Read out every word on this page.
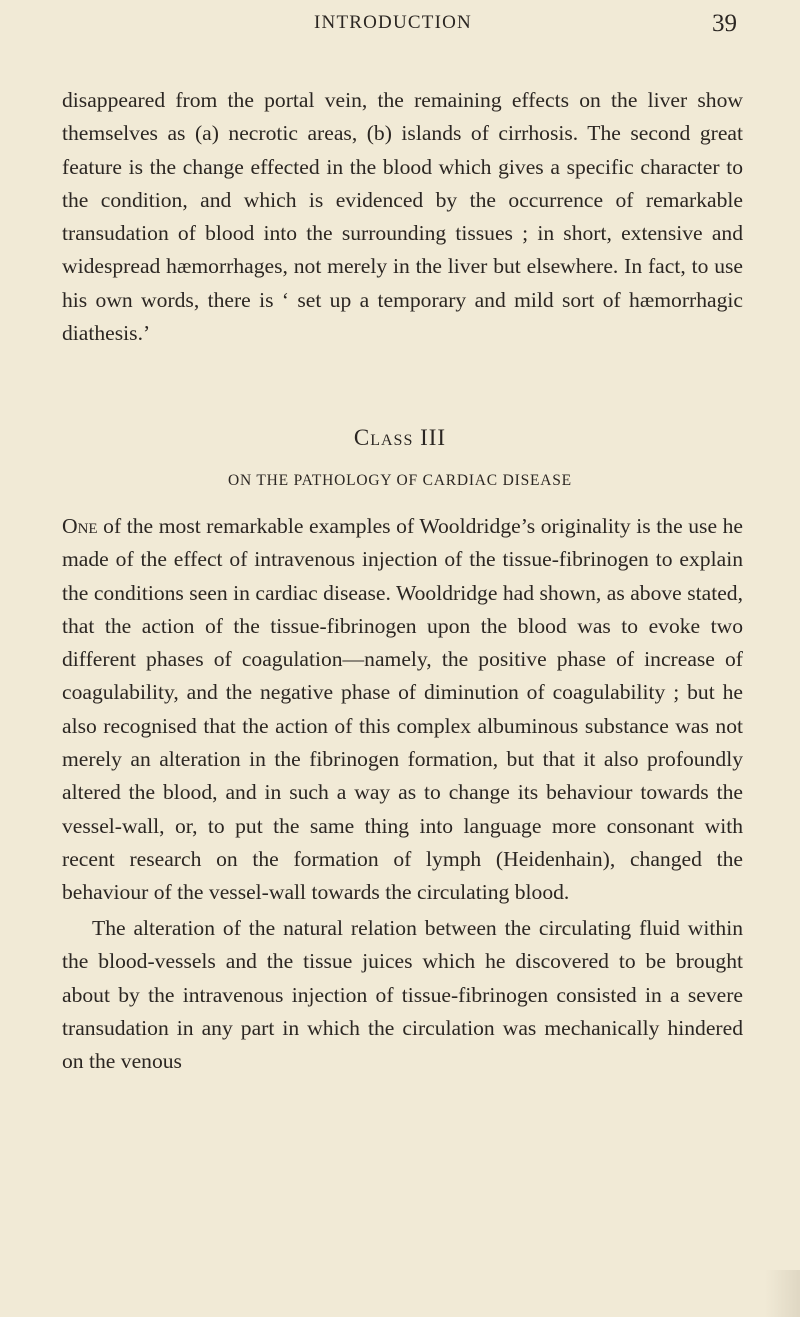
INTRODUCTION	39
disappeared from the portal vein, the remaining effects on the liver show themselves as (a) necrotic areas, (b) islands of cirrhosis. The second great feature is the change effected in the blood which gives a specific character to the condition, and which is evidenced by the occurrence of remarkable transudation of blood into the surrounding tissues ; in short, extensive and widespread hæmorrhages, not merely in the liver but elsewhere. In fact, to use his own words, there is ‘ set up a temporary and mild sort of hæmorrhagic diathesis.’
Class III
ON THE PATHOLOGY OF CARDIAC DISEASE
One of the most remarkable examples of Wooldridge’s originality is the use he made of the effect of intravenous injection of the tissue-fibrinogen to explain the conditions seen in cardiac disease. Wooldridge had shown, as above stated, that the action of the tissue-fibrinogen upon the blood was to evoke two different phases of coagulation—namely, the positive phase of increase of coagulability, and the negative phase of diminution of coagulability ; but he also recognised that the action of this complex albuminous substance was not merely an alteration in the fibrinogen formation, but that it also profoundly altered the blood, and in such a way as to change its behaviour towards the vessel-wall, or, to put the same thing into language more consonant with recent research on the formation of lymph (Heidenhain), changed the behaviour of the vessel-wall towards the circulating blood.
The alteration of the natural relation between the circulating fluid within the blood-vessels and the tissue juices which he discovered to be brought about by the intravenous injection of tissue-fibrinogen consisted in a severe transudation in any part in which the circulation was mechanically hindered on the venous
